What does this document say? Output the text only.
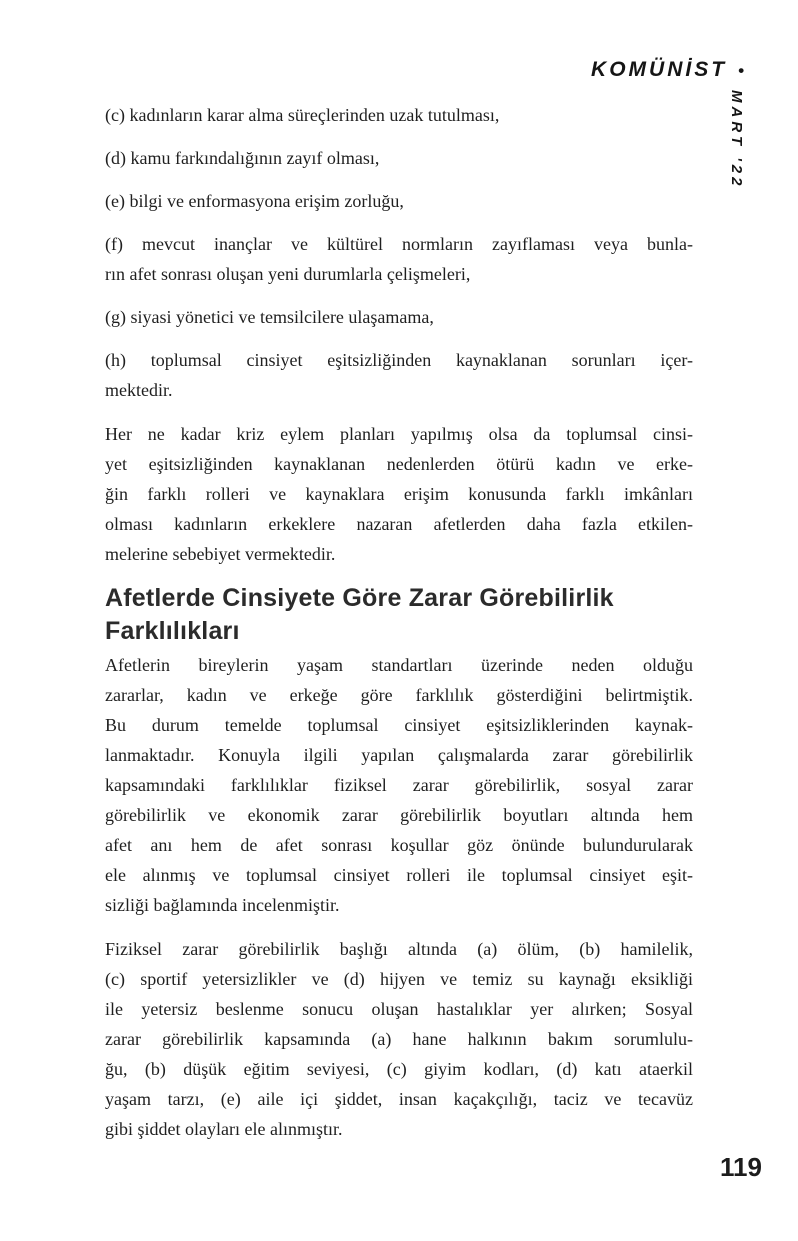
KOMÜNİST •
MART '22
(c) kadınların karar alma süreçlerinden uzak tutulması,
(d) kamu farkındalığının zayıf olması,
(e) bilgi ve enformasyona erişim zorluğu,
(f) mevcut inançlar ve kültürel normların zayıflaması veya bunla-
rın afet sonrası oluşan yeni durumlarla çelişmeleri,
(g) siyasi yönetici ve temsilcilere ulaşamama,
(h) toplumsal cinsiyet eşitsizliğinden kaynaklanan sorunları içer-
mektedir.
Her ne kadar kriz eylem planları yapılmış olsa da toplumsal cinsi-
yet eşitsizliğinden kaynaklanan nedenlerden ötürü kadın ve erke-
ğin farklı rolleri ve kaynaklara erişim konusunda farklı imkânları
olması kadınların erkeklere nazaran afetlerden daha fazla etkilen-
melerine sebebiyet vermektedir.
Afetlerde Cinsiyete Göre Zarar Görebilirlik
Farklılıkları
Afetlerin bireylerin yaşam standartları üzerinde neden olduğu
zararlar, kadın ve erkeğe göre farklılık gösterdiğini belirtmiştik.
Bu durum temelde toplumsal cinsiyet eşitsizliklerinden kaynak-
lanmaktadır. Konuyla ilgili yapılan çalışmalarda zarar görebilirlik
kapsamındaki farklılıklar fiziksel zarar görebilirlik, sosyal zarar
görebilirlik ve ekonomik zarar görebilirlik boyutları altında hem
afet anı hem de afet sonrası koşullar göz önünde bulundurularak
ele alınmış ve toplumsal cinsiyet rolleri ile toplumsal cinsiyet eşit-
sizliği bağlamında incelenmiştir.
Fiziksel zarar görebilirlik başlığı altında (a) ölüm, (b) hamilelik,
(c) sportif yetersizlikler ve (d) hijyen ve temiz su kaynağı eksikliği
ile yetersiz beslenme sonucu oluşan hastalıklar yer alırken; Sosyal
zarar görebilirlik kapsamında (a) hane halkının bakım sorumlulu-
ğu, (b) düşük eğitim seviyesi, (c) giyim kodları, (d) katı ataerkil
yaşam tarzı, (e) aile içi şiddet, insan kaçakçılığı, taciz ve tecavüz
gibi şiddet olayları ele alınmıştır.
119
